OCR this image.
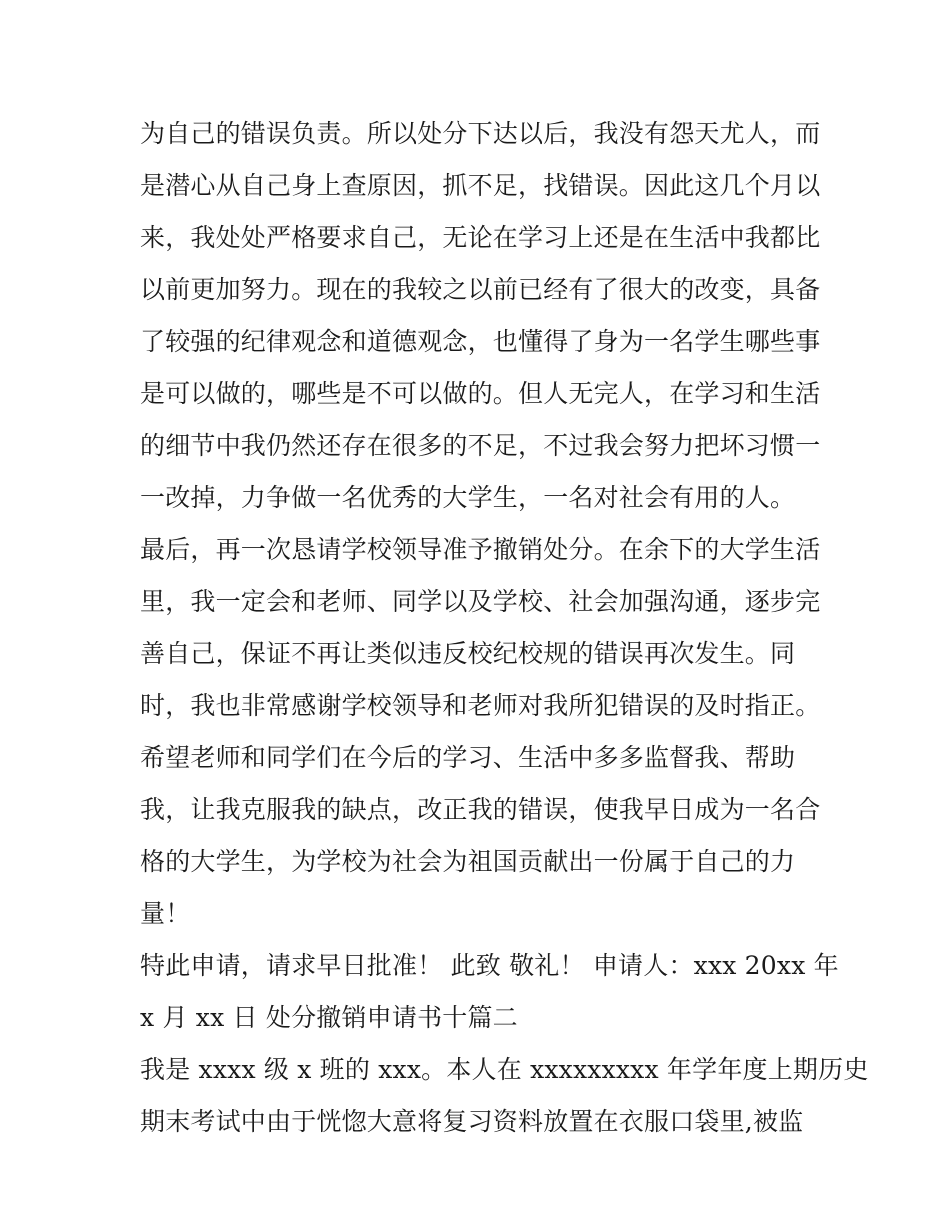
为自己的错误负责。所以处分下达以后，我没有怨天尤人，而
是潜心从自己身上查原因，抓不足，找错误。因此这几个月以
来，我处处严格要求自己，无论在学习上还是在生活中我都比
以前更加努力。现在的我较之以前已经有了很大的改变，具备
了较强的纪律观念和道德观念，也懂得了身为一名学生哪些事
是可以做的，哪些是不可以做的。但人无完人，在学习和生活
的细节中我仍然还存在很多的不足，不过我会努力把坏习惯一
一改掉，力争做一名优秀的大学生，一名对社会有用的人。
最后，再一次恳请学校领导准予撤销处分。在余下的大学生活
里，我一定会和老师、同学以及学校、社会加强沟通，逐步完
善自己，保证不再让类似违反校纪校规的错误再次发生。同
时，我也非常感谢学校领导和老师对我所犯错误的及时指正。
希望老师和同学们在今后的学习、生活中多多监督我、帮助
我，让我克服我的缺点，改正我的错误，使我早日成为一名合
格的大学生，为学校为社会为祖国贡献出一份属于自己的力
量！
特此申请，请求早日批准！ 此致 敬礼！ 申请人：xxx 20xx 年
x 月 xx 日 处分撤销申请书十篇二
我是 xxxx 级 x 班的 xxx。本人在 xxxxxxxxx 年学年度上期历史
期末考试中由于恍惚大意将复习资料放置在衣服口袋里,被监
